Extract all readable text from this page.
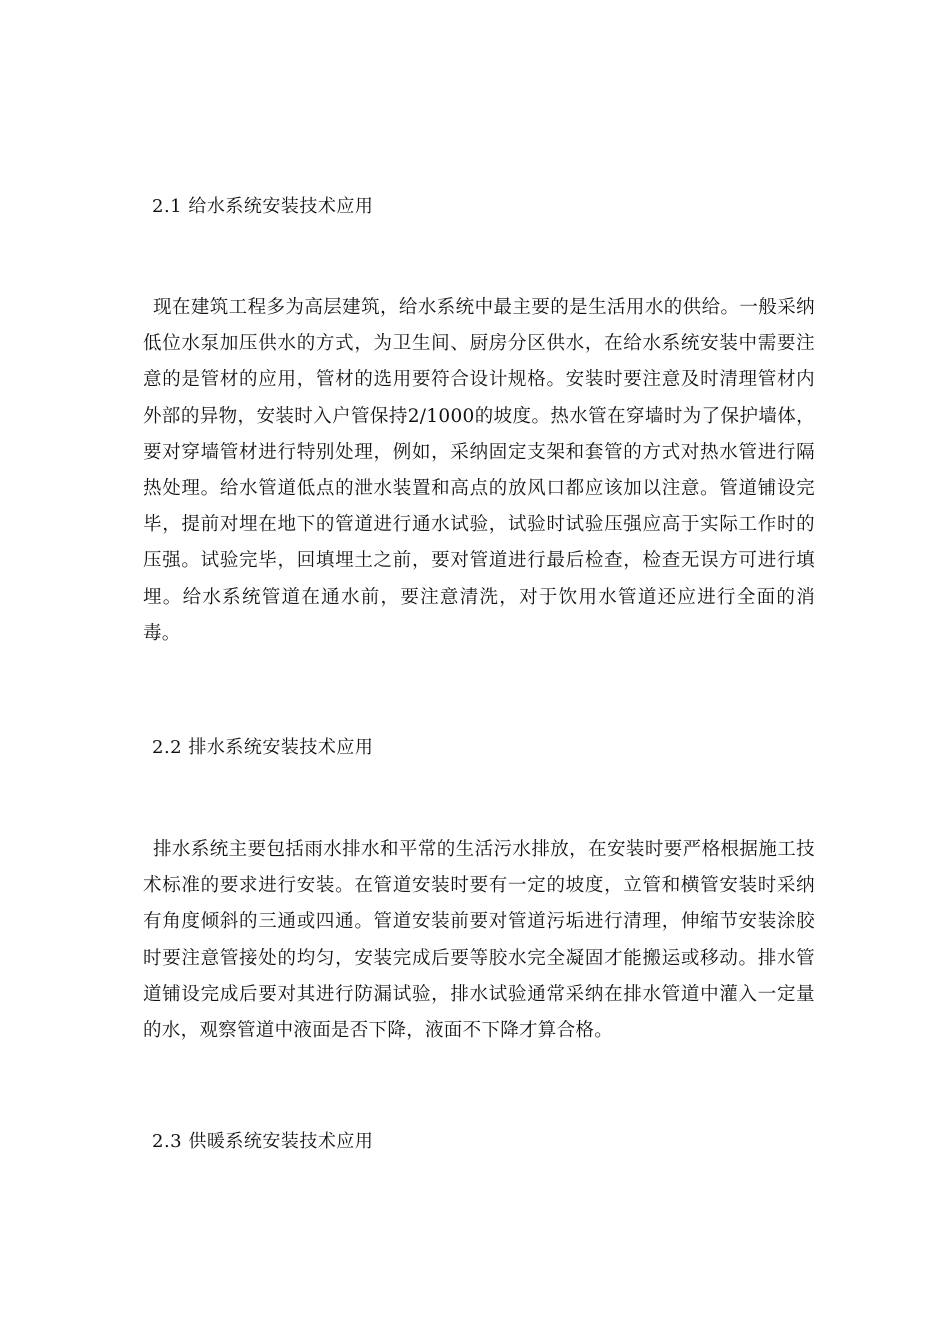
2.1 给水系统安装技术应用
现在建筑工程多为高层建筑，给水系统中最主要的是生活用水的供给。一般采纳低位水泵加压供水的方式，为卫生间、厨房分区供水，在给水系统安装中需要注意的是管材的应用，管材的选用要符合设计规格。安装时要注意及时清理管材内外部的异物，安装时入户管保持2/1000的坡度。热水管在穿墙时为了保护墙体，要对穿墙管材进行特别处理，例如，采纳固定支架和套管的方式对热水管进行隔热处理。给水管道低点的泄水装置和高点的放风口都应该加以注意。管道铺设完毕，提前对埋在地下的管道进行通水试验，试验时试验压强应高于实际工作时的压强。试验完毕，回填埋土之前，要对管道进行最后检查，检查无误方可进行填埋。给水系统管道在通水前，要注意清洗，对于饮用水管道还应进行全面的消毒。
2.2 排水系统安装技术应用
排水系统主要包括雨水排水和平常的生活污水排放，在安装时要严格根据施工技术标准的要求进行安装。在管道安装时要有一定的坡度，立管和横管安装时采纳有角度倾斜的三通或四通。管道安装前要对管道污垢进行清理，伸缩节安装涂胶时要注意管接处的均匀，安装完成后要等胶水完全凝固才能搬运或移动。排水管道铺设完成后要对其进行防漏试验，排水试验通常采纳在排水管道中灌入一定量的水，观察管道中液面是否下降，液面不下降才算合格。
2.3 供暖系统安装技术应用
